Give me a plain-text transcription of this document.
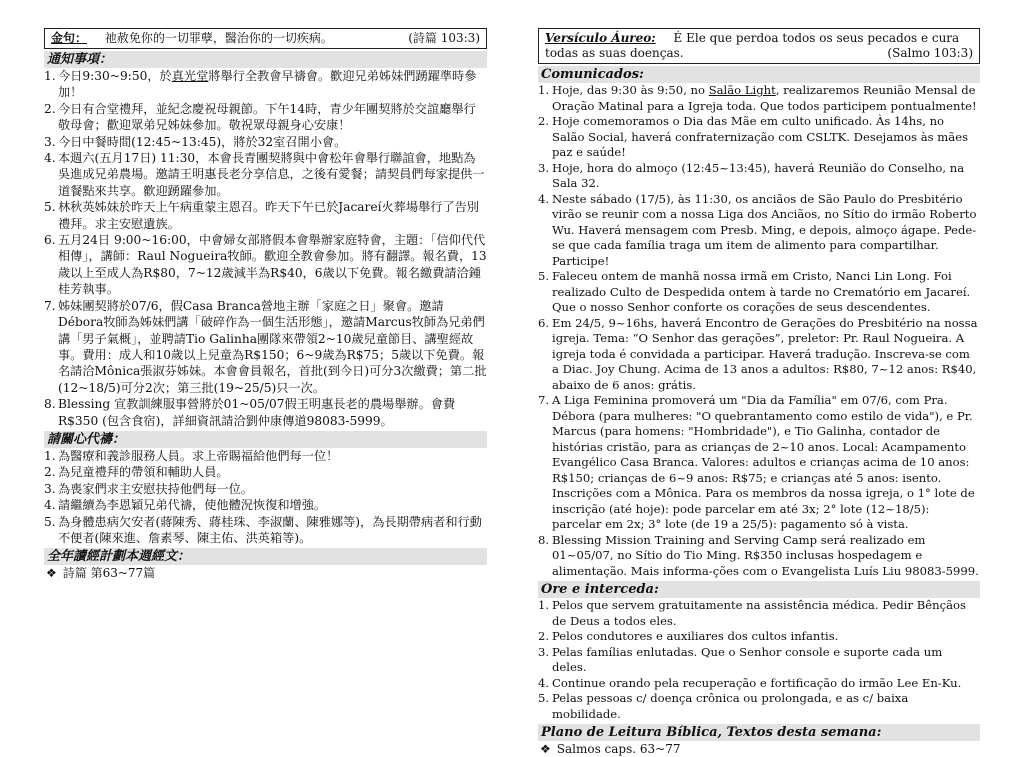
金句： 祂赦免你的一切罪孽，醫治你的一切疾病。	(詩篇 103:3)
通知事項：
1. 今日9:30~9:50，於真光堂將舉行全教會早禱會。歡迎兄弟姊妹們踴躍準時參加！
2. 今日有合堂禮拜，並紀念慶祝母親節。下午14時，青少年團契將於交誼廳舉行敬母會；歡迎眾弟兄姊妹參加。敬祝眾母親身心安康！
3. 今日中餐時間(12:45~13:45)，將於32室召開小會。
4. 本週六(五月17日) 11:30，本會長青團契將與中會松年會舉行聯誼會，地點為吳進成兄弟農場。邀請王明惠長老分享信息，之後有愛餐；請契員們每家提供一道餐點來共享。歡迎踴躍參加。
5. 林秋英姊妹於昨天上午病重蒙主恩召。昨天下午已於Jacareí火葬場舉行了告別禮拜。求主安慰遺族。
6. 五月24日 9:00~16:00，中會婦女部將假本會舉辦家庭特會，主題：「信仰代代相傳」，講師：Raul Nogueira牧師。歡迎全教會參加。將有翻譯。報名費，13歲以上至成人為R$80，7~12歲減半為R$40，6歲以下免費。報名繳費請洽鍾桂芳執事。
7. 姊妹團契將於07/6，假Casa Branca營地主辦「家庭之日」聚會。邀請Débora牧師為姊妹們講「破碎作為一個生活形態」，邀請Marcus牧師為兄弟們講「男子氣概」，並聘請Tio Galinha團隊來帶領2~10歲兒童節目、講聖經故事。費用：成人和10歲以上兒童為R$150；6~9歲為R$75；5歲以下免費。報名請洽Mônica張淑芬姊妹。本會會員報名，首批(到今日)可分3次繳費；第二批(12~18/5)可分2次；第三批(19~25/5)只一次。
8. Blessing 宣教訓練服事營將於01~05/07假王明惠長老的農場舉辦。會費R$350 (包含食宿)，詳細資訊請洽劉仲康傳道98083-5999。
請關心代禱：
1. 為醫療和義診服務人員。求上帝賜福給他們每一位！
2. 為兒童禮拜的帶領和輔助人員。
3. 為喪家們求主安慰扶持他們每一位。
4. 請繼續為李恩穎兄弟代禱，使他體況恢復和增強。
5. 為身體患病欠安者(蔣陳秀、蔣桂珠、李淑蘭、陳雅娜等)，為長期帶病者和行動不便者(陳來進、詹素琴、陳主佑、洪英箱等)。
全年讀經計劃本週經文：
❖ 詩篇 第63~77篇
Versículo Áureo: É Ele que perdoa todos os seus pecados e cura todas as suas doenças.	(Salmo 103:3)
Comunicados:
1. Hoje, das 9:30 às 9:50, no Salão Light, realizaremos Reunião Mensal de Oração Matinal para a Igreja toda. Que todos participem pontualmente!
2. Hoje comemoramos o Dia das Mãe em culto unificado. Às 14hs, no Salão Social, haverá confraternização com CSLTK. Desejamos às mães paz e saúde!
3. Hoje, hora do almoço (12:45~13:45), haverá Reunião do Conselho, na Sala 32.
4. Neste sábado (17/5), às 11:30, os anciãos de São Paulo do Presbitério virão se reunir com a nossa Liga dos Anciãos, no Sítio do irmão Roberto Wu. Haverá mensagem com Presb. Ming, e depois, almoço ágape. Pede-se que cada família traga um item de alimento para compartilhar. Participe!
5. Faleceu ontem de manhã nossa irmã em Cristo, Nanci Lin Long. Foi realizado Culto de Despedida ontem à tarde no Crematório em Jacareí. Que o nosso Senhor conforte os corações de seus descendentes.
6. Em 24/5, 9~16hs, haverá Encontro de Gerações do Presbitério na nossa igreja. Tema: “O Senhor das gerações”, preletor: Pr. Raul Nogueira. A igreja toda é convidada a participar. Haverá tradução. Inscreva-se com a Diac. Joy Chung. Acima de 13 anos a adultos: R$80, 7~12 anos: R$40, abaixo de 6 anos: grátis.
7. A Liga Feminina promoverá um "Dia da Família" em 07/6, com Pra. Débora (para mulheres: "O quebrantamento como estilo de vida"), e Pr. Marcus (para homens: "Hombridade"), e Tio Galinha, contador de histórias cristão, para as crianças de 2~10 anos. Local: Acampamento Evangélico Casa Branca. Valores: adultos e crianças acima de 10 anos: R$150; crianças de 6~9 anos: R$75; e crianças até 5 anos: isento. Inscrições com a Mônica. Para os membros da nossa igreja, o 1° lote de inscrição (até hoje): pode parcelar em até 3x; 2° lote (12~18/5): parcelar em 2x; 3° lote (de 19 a 25/5): pagamento só à vista.
8. Blessing Mission Training and Serving Camp será realizado em 01~05/07, no Sítio do Tio Ming. R$350 inclusas hospedagem e alimentação. Mais informa-ções com o Evangelista Luís Liu 98083-5999.
Ore e interceda:
1. Pelos que servem gratuitamente na assistência médica. Pedir Bênçãos de Deus a todos eles.
2. Pelos condutores e auxiliares dos cultos infantis.
3. Pelas famílias enlutadas. Que o Senhor console e suporte cada um deles.
4. Continue orando pela recuperação e fortificação do irmão Lee En-Ku.
5. Pelas pessoas c/ doença crônica ou prolongada, e as c/ baixa mobilidade.
Plano de Leitura Bíblica, Textos desta semana:
❖ Salmos caps. 63~77
